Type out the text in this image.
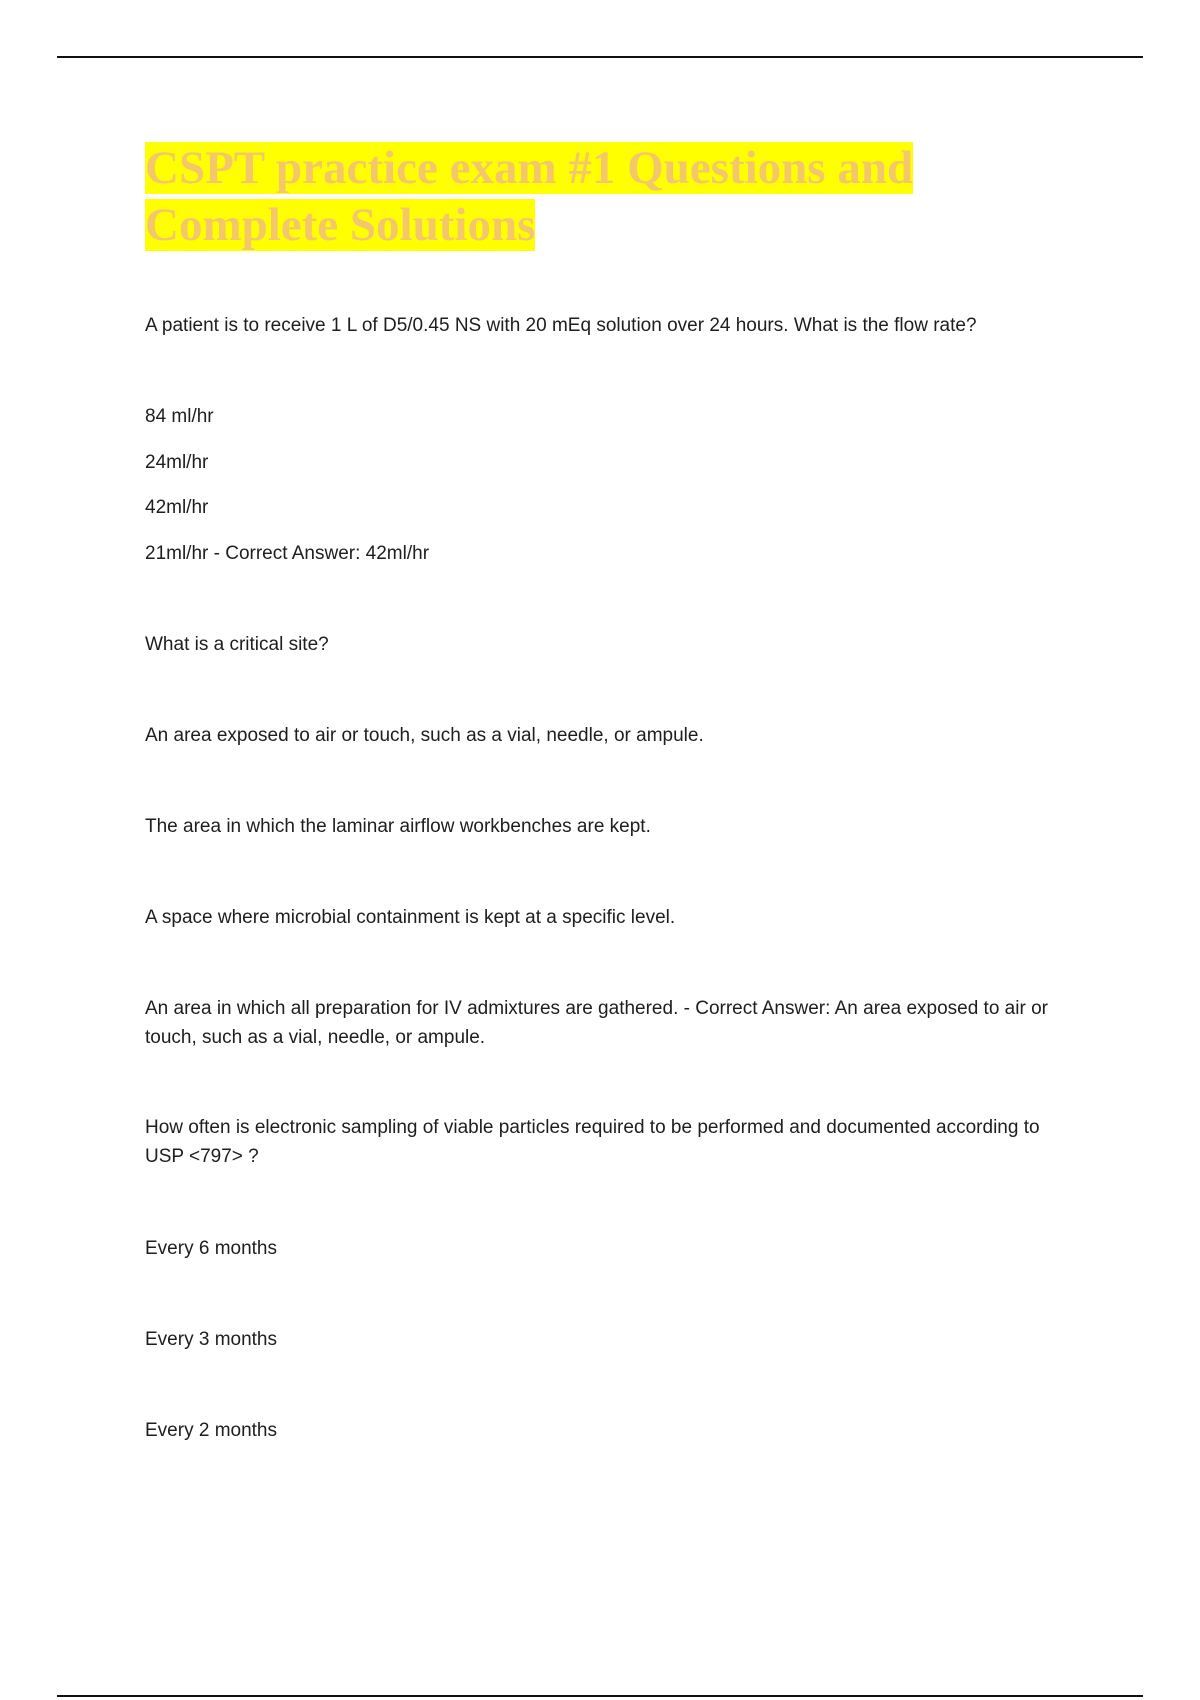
CSPT practice exam #1 Questions and Complete Solutions

A patient is to receive 1 L of D5/0.45 NS with 20 mEq solution over 24 hours. What is the flow rate?

84 ml/hr

24ml/hr

42ml/hr

21ml/hr - Correct Answer: 42ml/hr

What is a critical site?

An area exposed to air or touch, such as a vial, needle, or ampule.

The area in which the laminar airflow workbenches are kept.

A space where microbial containment is kept at a specific level.

An area in which all preparation for IV admixtures are gathered. - Correct Answer: An area exposed to air or touch, such as a vial, needle, or ampule.

How often is electronic sampling of viable particles required to be performed and documented according to USP <797> ?

Every 6 months

Every 3 months

Every 2 months
